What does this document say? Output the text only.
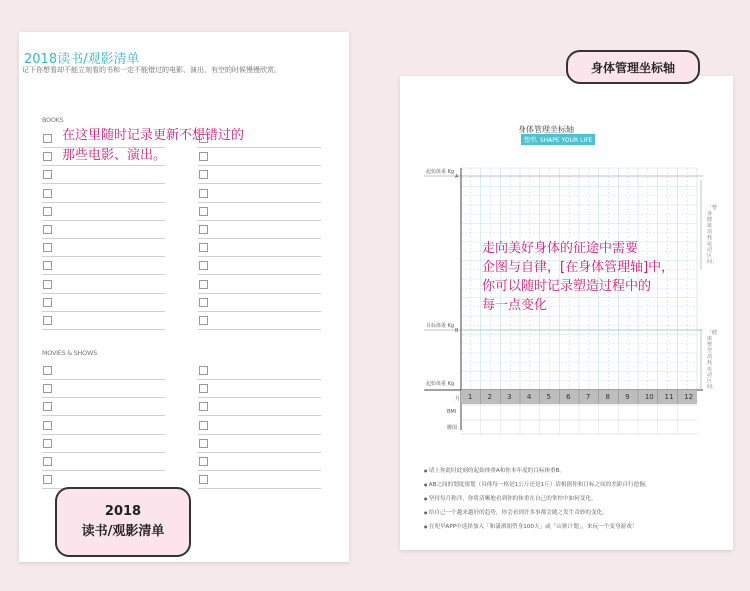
2018读书/观影清单
记下你想看却不能立刻看的书和一定不能错过的电影、演出，有空的时候慢慢欣赏。
BOOKS
MOVIES & SHOWS
在这里随时记录更新不想错过的
那些电影、演出。
身体管理坐标轴
塑型, SHAPE YOUR LIFE
起始体重 Kg
A
目标体重 Kg
B
起始体重 Kg
月
BMI
腰围
「整身健康消耗运动区间」
「健康塑型消耗运动区间」
1 2 3 4 5 6 7 8 9 10 11 12
走向美好身体的征途中需要
企图与自律，[在身体管理轴]中，
你可以随时记录塑造过程中的
每一点变化
● 请上你此时此刻的起始体重A和你本年度的目标体重B。
● AB之间的划度规划（具体每一格是1公斤还是1斤）请根据你和目标之间的差距自行挖掘。
● 坚持每月称洋，你将清晰地看到你的体重在自己的掌控中如何变化。
● 给自己一个越来越好的趋势，你会看到许多事都会随之发生奇妙的变化。
● 在咫早APP中选择加入「和潇洒姐塑身100天」或「山寨计划」，来玩一个变身游戏！
身体管理坐标轴
2018
读书/观影清单
